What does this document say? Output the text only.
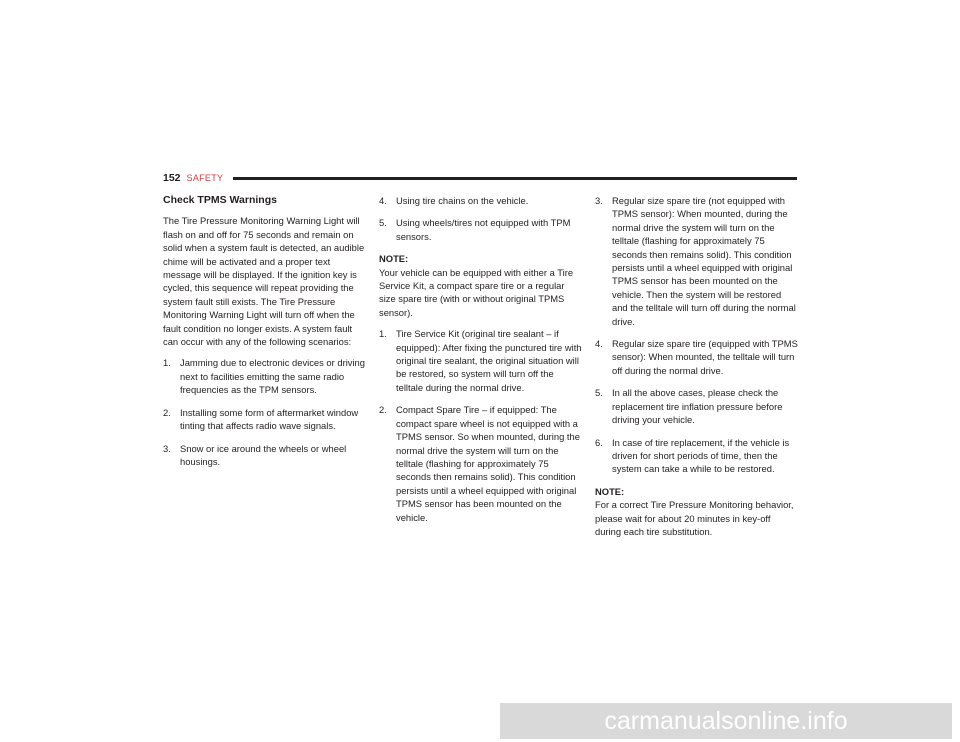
152 SAFETY
Check TPMS Warnings

The Tire Pressure Monitoring Warning Light will flash on and off for 75 seconds and remain on solid when a system fault is detected, an audible chime will be activated and a proper text message will be displayed. If the ignition key is cycled, this sequence will repeat providing the system fault still exists. The Tire Pressure Monitoring Warning Light will turn off when the fault condition no longer exists. A system fault can occur with any of the following scenarios:

1. Jamming due to electronic devices or driving next to facilities emitting the same radio frequencies as the TPM sensors.
2. Installing some form of aftermarket window tinting that affects radio wave signals.
3. Snow or ice around the wheels or wheel housings.
4. Using tire chains on the vehicle.
5. Using wheels/tires not equipped with TPM sensors.
NOTE:

Your vehicle can be equipped with either a Tire Service Kit, a compact spare tire or a regular size spare tire (with or without original TPMS sensor).

1. Tire Service Kit (original tire sealant – if equipped): After fixing the punctured tire with original tire sealant, the original situation will be restored, so system will turn off the telltale during the normal drive.
2. Compact Spare Tire – if equipped: The compact spare wheel is not equipped with a TPMS sensor. So when mounted, during the normal drive the system will turn on the telltale (flashing for approximately 75 seconds then remains solid). This condition persists until a wheel equipped with original TPMS sensor has been mounted on the vehicle.
3. Regular size spare tire (not equipped with TPMS sensor): When mounted, during the normal drive the system will turn on the telltale (flashing for approximately 75 seconds then remains solid). This condition persists until a wheel equipped with original TPMS sensor has been mounted on the vehicle. Then the system will be restored and the telltale will turn off during the normal drive.
4. Regular size spare tire (equipped with TPMS sensor): When mounted, the telltale will turn off during the normal drive.
5. In all the above cases, please check the replacement tire inflation pressure before driving your vehicle.
6. In case of tire replacement, if the vehicle is driven for short periods of time, then the system can take a while to be restored.
NOTE:

For a correct Tire Pressure Monitoring behavior, please wait for about 20 minutes in key-off during each tire substitution.

carmanualsonline.info
